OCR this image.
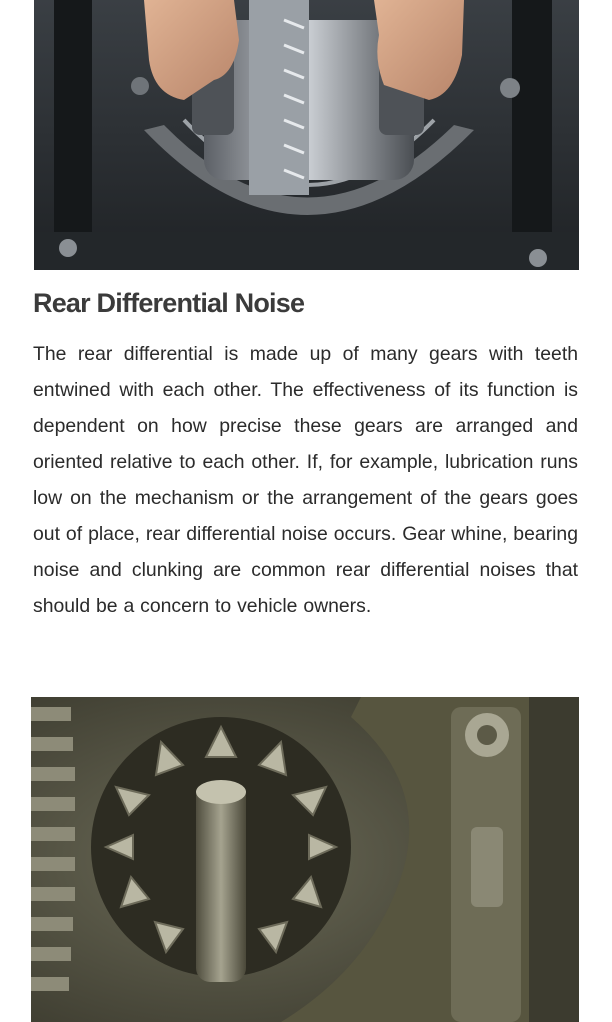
Rear Differential Noise

The rear differential is made up of many gears with teeth entwined with each other. The effectiveness of its function is dependent on how precise these gears are arranged and oriented relative to each other. If, for example, lubrication runs low on the mechanism or the arrangement of the gears goes out of place, rear differential noise occurs. Gear whine, bearing noise and clunking are common rear differential noises that should be a concern to vehicle owners.
